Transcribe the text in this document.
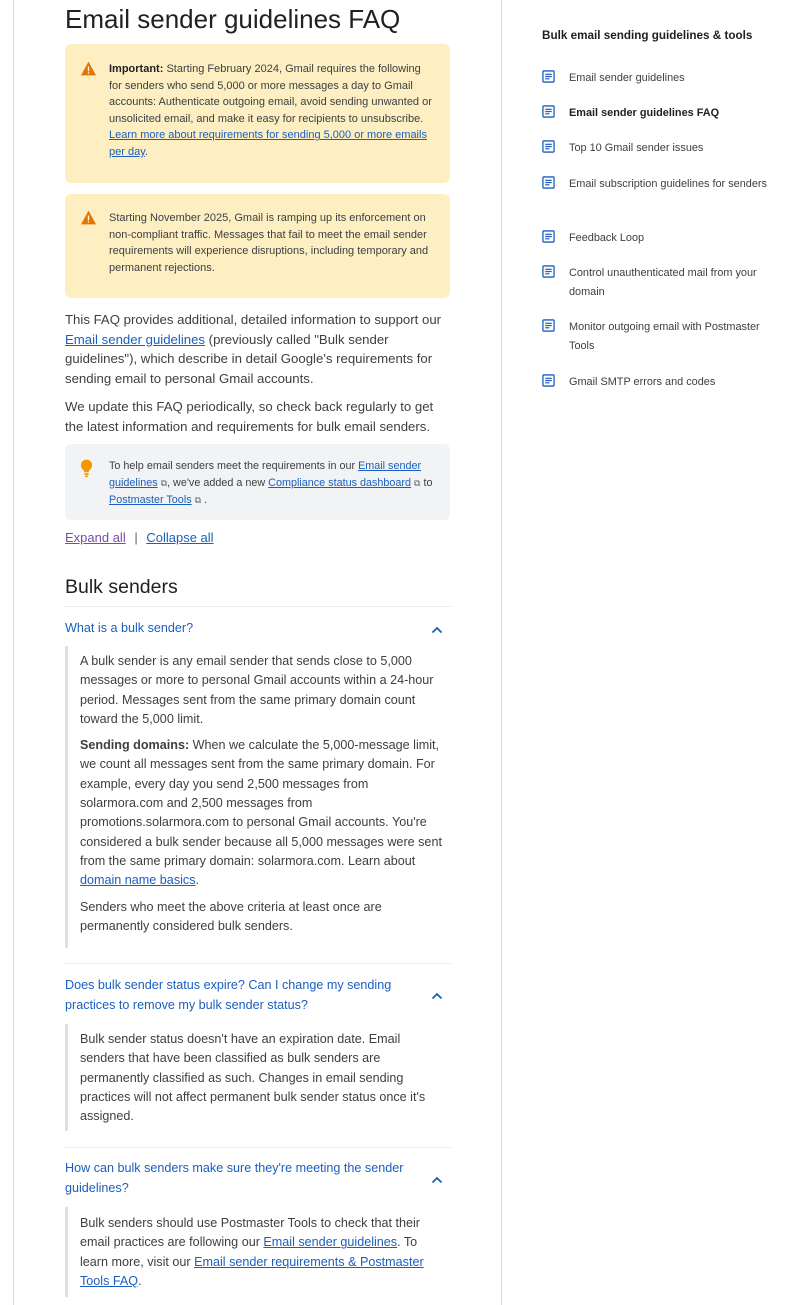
Email sender guidelines FAQ
Important: Starting February 2024, Gmail requires the following for senders who send 5,000 or more messages a day to Gmail accounts: Authenticate outgoing email, avoid sending unwanted or unsolicited email, and make it easy for recipients to unsubscribe. Learn more about requirements for sending 5,000 or more emails per day.
Starting November 2025, Gmail is ramping up its enforcement on non-compliant traffic. Messages that fail to meet the email sender requirements will experience disruptions, including temporary and permanent rejections.

This FAQ provides additional, detailed information to support our Email sender guidelines (previously called "Bulk sender guidelines"), which describe in detail Google's requirements for sending email to personal Gmail accounts.

We update this FAQ periodically, so check back regularly to get the latest information and requirements for bulk email senders.

To help email senders meet the requirements in our Email sender guidelines ⧉, we've added a new Compliance status dashboard ⧉ to Postmaster Tools ⧉ .
Expand all | Collapse all
Bulk senders
What is a bulk sender?

A bulk sender is any email sender that sends close to 5,000 messages or more to personal Gmail accounts within a 24-hour period. Messages sent from the same primary domain count toward the 5,000 limit.

Sending domains: When we calculate the 5,000-message limit, we count all messages sent from the same primary domain. For example, every day you send 2,500 messages from solarmora.com and 2,500 messages from promotions.solarmora.com to personal Gmail accounts. You're considered a bulk sender because all 5,000 messages were sent from the same primary domain: solarmora.com. Learn about domain name basics.

Senders who meet the above criteria at least once are permanently considered bulk senders.

Does bulk sender status expire? Can I change my sending practices to remove my bulk sender status?

Bulk sender status doesn't have an expiration date. Email senders that have been classified as bulk senders are permanently classified as such. Changes in email sending practices will not affect permanent bulk sender status once it's assigned.

How can bulk senders make sure they're meeting the sender guidelines?

Bulk senders should use Postmaster Tools to check that their email practices are following our Email sender guidelines. To learn more, visit our Email sender requirements & Postmaster Tools FAQ.

Bulk email sending guidelines & tools
Email sender guidelines
Email sender guidelines FAQ
Top 10 Gmail sender issues
Email subscription guidelines for senders
Feedback Loop
Control unauthenticated mail from your domain
Monitor outgoing email with Postmaster Tools
Gmail SMTP errors and codes
